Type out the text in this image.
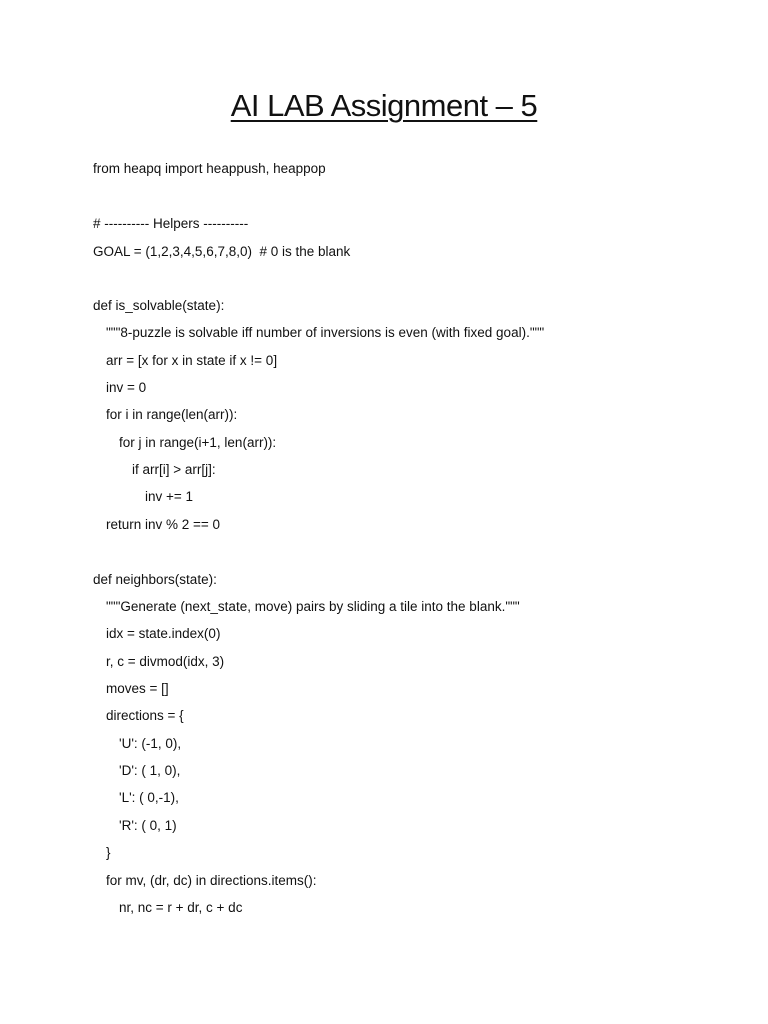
AI LAB Assignment – 5
from heapq import heappush, heappop
# ---------- Helpers ----------
GOAL = (1,2,3,4,5,6,7,8,0)  # 0 is the blank
def is_solvable(state):
"""8-puzzle is solvable iff number of inversions is even (with fixed goal)."""
arr = [x for x in state if x != 0]
inv = 0
for i in range(len(arr)):
for j in range(i+1, len(arr)):
if arr[i] > arr[j]:
inv += 1
return inv % 2 == 0
def neighbors(state):
"""Generate (next_state, move) pairs by sliding a tile into the blank."""
idx = state.index(0)
r, c = divmod(idx, 3)
moves = []
directions = {
'U': (-1, 0),
'D': ( 1, 0),
'L': ( 0,-1),
'R': ( 0, 1)
}
for mv, (dr, dc) in directions.items():
nr, nc = r + dr, c + dc
